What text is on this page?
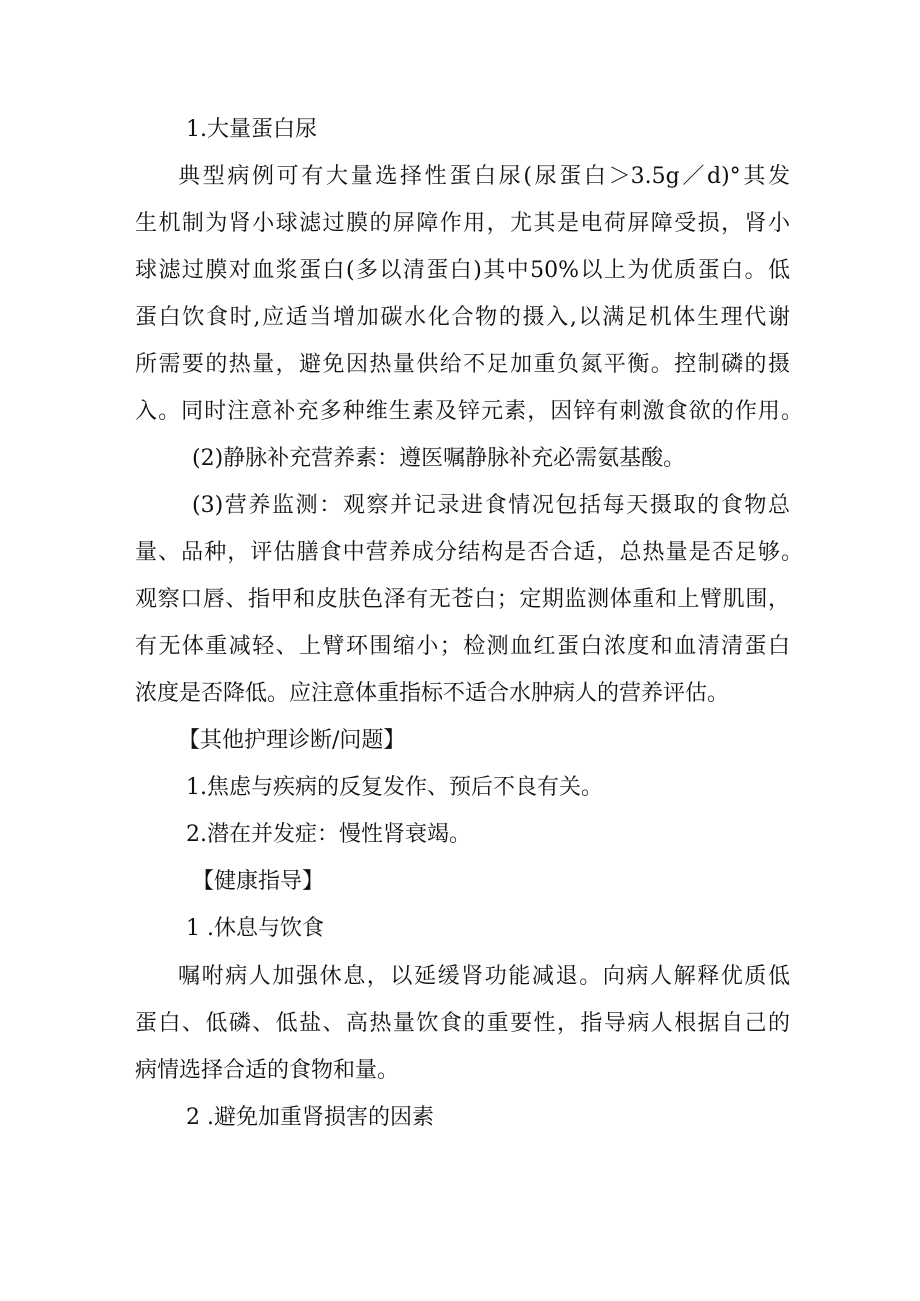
1.大量蛋白尿
典型病例可有大量选择性蛋白尿(尿蛋白＞3.5g／d)°其发
生机制为肾小球滤过膜的屏障作用，尤其是电荷屏障受损，肾小
球滤过膜对血浆蛋白(多以清蛋白)其中50%以上为优质蛋白。低
蛋白饮食时,应适当增加碳水化合物的摄入,以满足机体生理代谢
所需要的热量，避免因热量供给不足加重负氮平衡。控制磷的摄
入。同时注意补充多种维生素及锌元素，因锌有刺激食欲的作用。
(2)静脉补充营养素：遵医嘱静脉补充必需氨基酸。
(3)营养监测：观察并记录进食情况包括每天摄取的食物总
量、品种，评估膳食中营养成分结构是否合适，总热量是否足够。
观察口唇、指甲和皮肤色泽有无苍白；定期监测体重和上臂肌围，
有无体重减轻、上臂环围缩小；检测血红蛋白浓度和血清清蛋白
浓度是否降低。应注意体重指标不适合水肿病人的营养评估。
【其他护理诊断/问题】
1.焦虑与疾病的反复发作、预后不良有关。
2.潜在并发症：慢性肾衰竭。
【健康指导】
1 .休息与饮食
嘱咐病人加强休息，以延缓肾功能减退。向病人解释优质低
蛋白、低磷、低盐、高热量饮食的重要性，指导病人根据自己的
病情选择合适的食物和量。
2 .避免加重肾损害的因素
